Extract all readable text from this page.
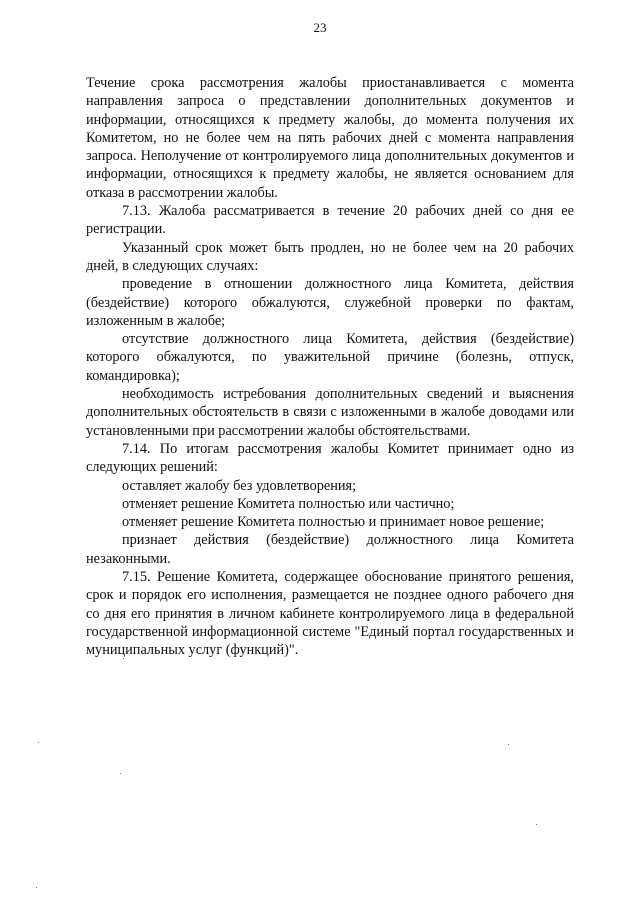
23

Течение срока рассмотрения жалобы приостанавливается с момента направления запроса о представлении дополнительных документов и информации, относящихся к предмету жалобы, до момента получения их Комитетом, но не более чем на пять рабочих дней с момента направления запроса. Неполучение от контролируемого лица дополнительных документов и информации, относящихся к предмету жалобы, не является основанием для отказа в рассмотрении жалобы.

7.13. Жалоба рассматривается в течение 20 рабочих дней со дня ее регистрации.

Указанный срок может быть продлен, но не более чем на 20 рабочих дней, в следующих случаях:

проведение в отношении должностного лица Комитета, действия (бездействие) которого обжалуются, служебной проверки по фактам, изложенным в жалобе;

отсутствие должностного лица Комитета, действия (бездействие) которого обжалуются, по уважительной причине (болезнь, отпуск, командировка);

необходимость истребования дополнительных сведений и выяснения дополнительных обстоятельств в связи с изложенными в жалобе доводами или установленными при рассмотрении жалобы обстоятельствами.

7.14. По итогам рассмотрения жалобы Комитет принимает одно из следующих решений:

оставляет жалобу без удовлетворения;

отменяет решение Комитета полностью или частично;

отменяет решение Комитета полностью и принимает новое решение;

признает действия (бездействие) должностного лица Комитета незаконными.

7.15. Решение Комитета, содержащее обоснование принятого решения, срок и порядок его исполнения, размещается не позднее одного рабочего дня со дня его принятия в личном кабинете контролируемого лица в федеральной государственной информационной системе "Единый портал государственных и муниципальных услуг (функций)".
